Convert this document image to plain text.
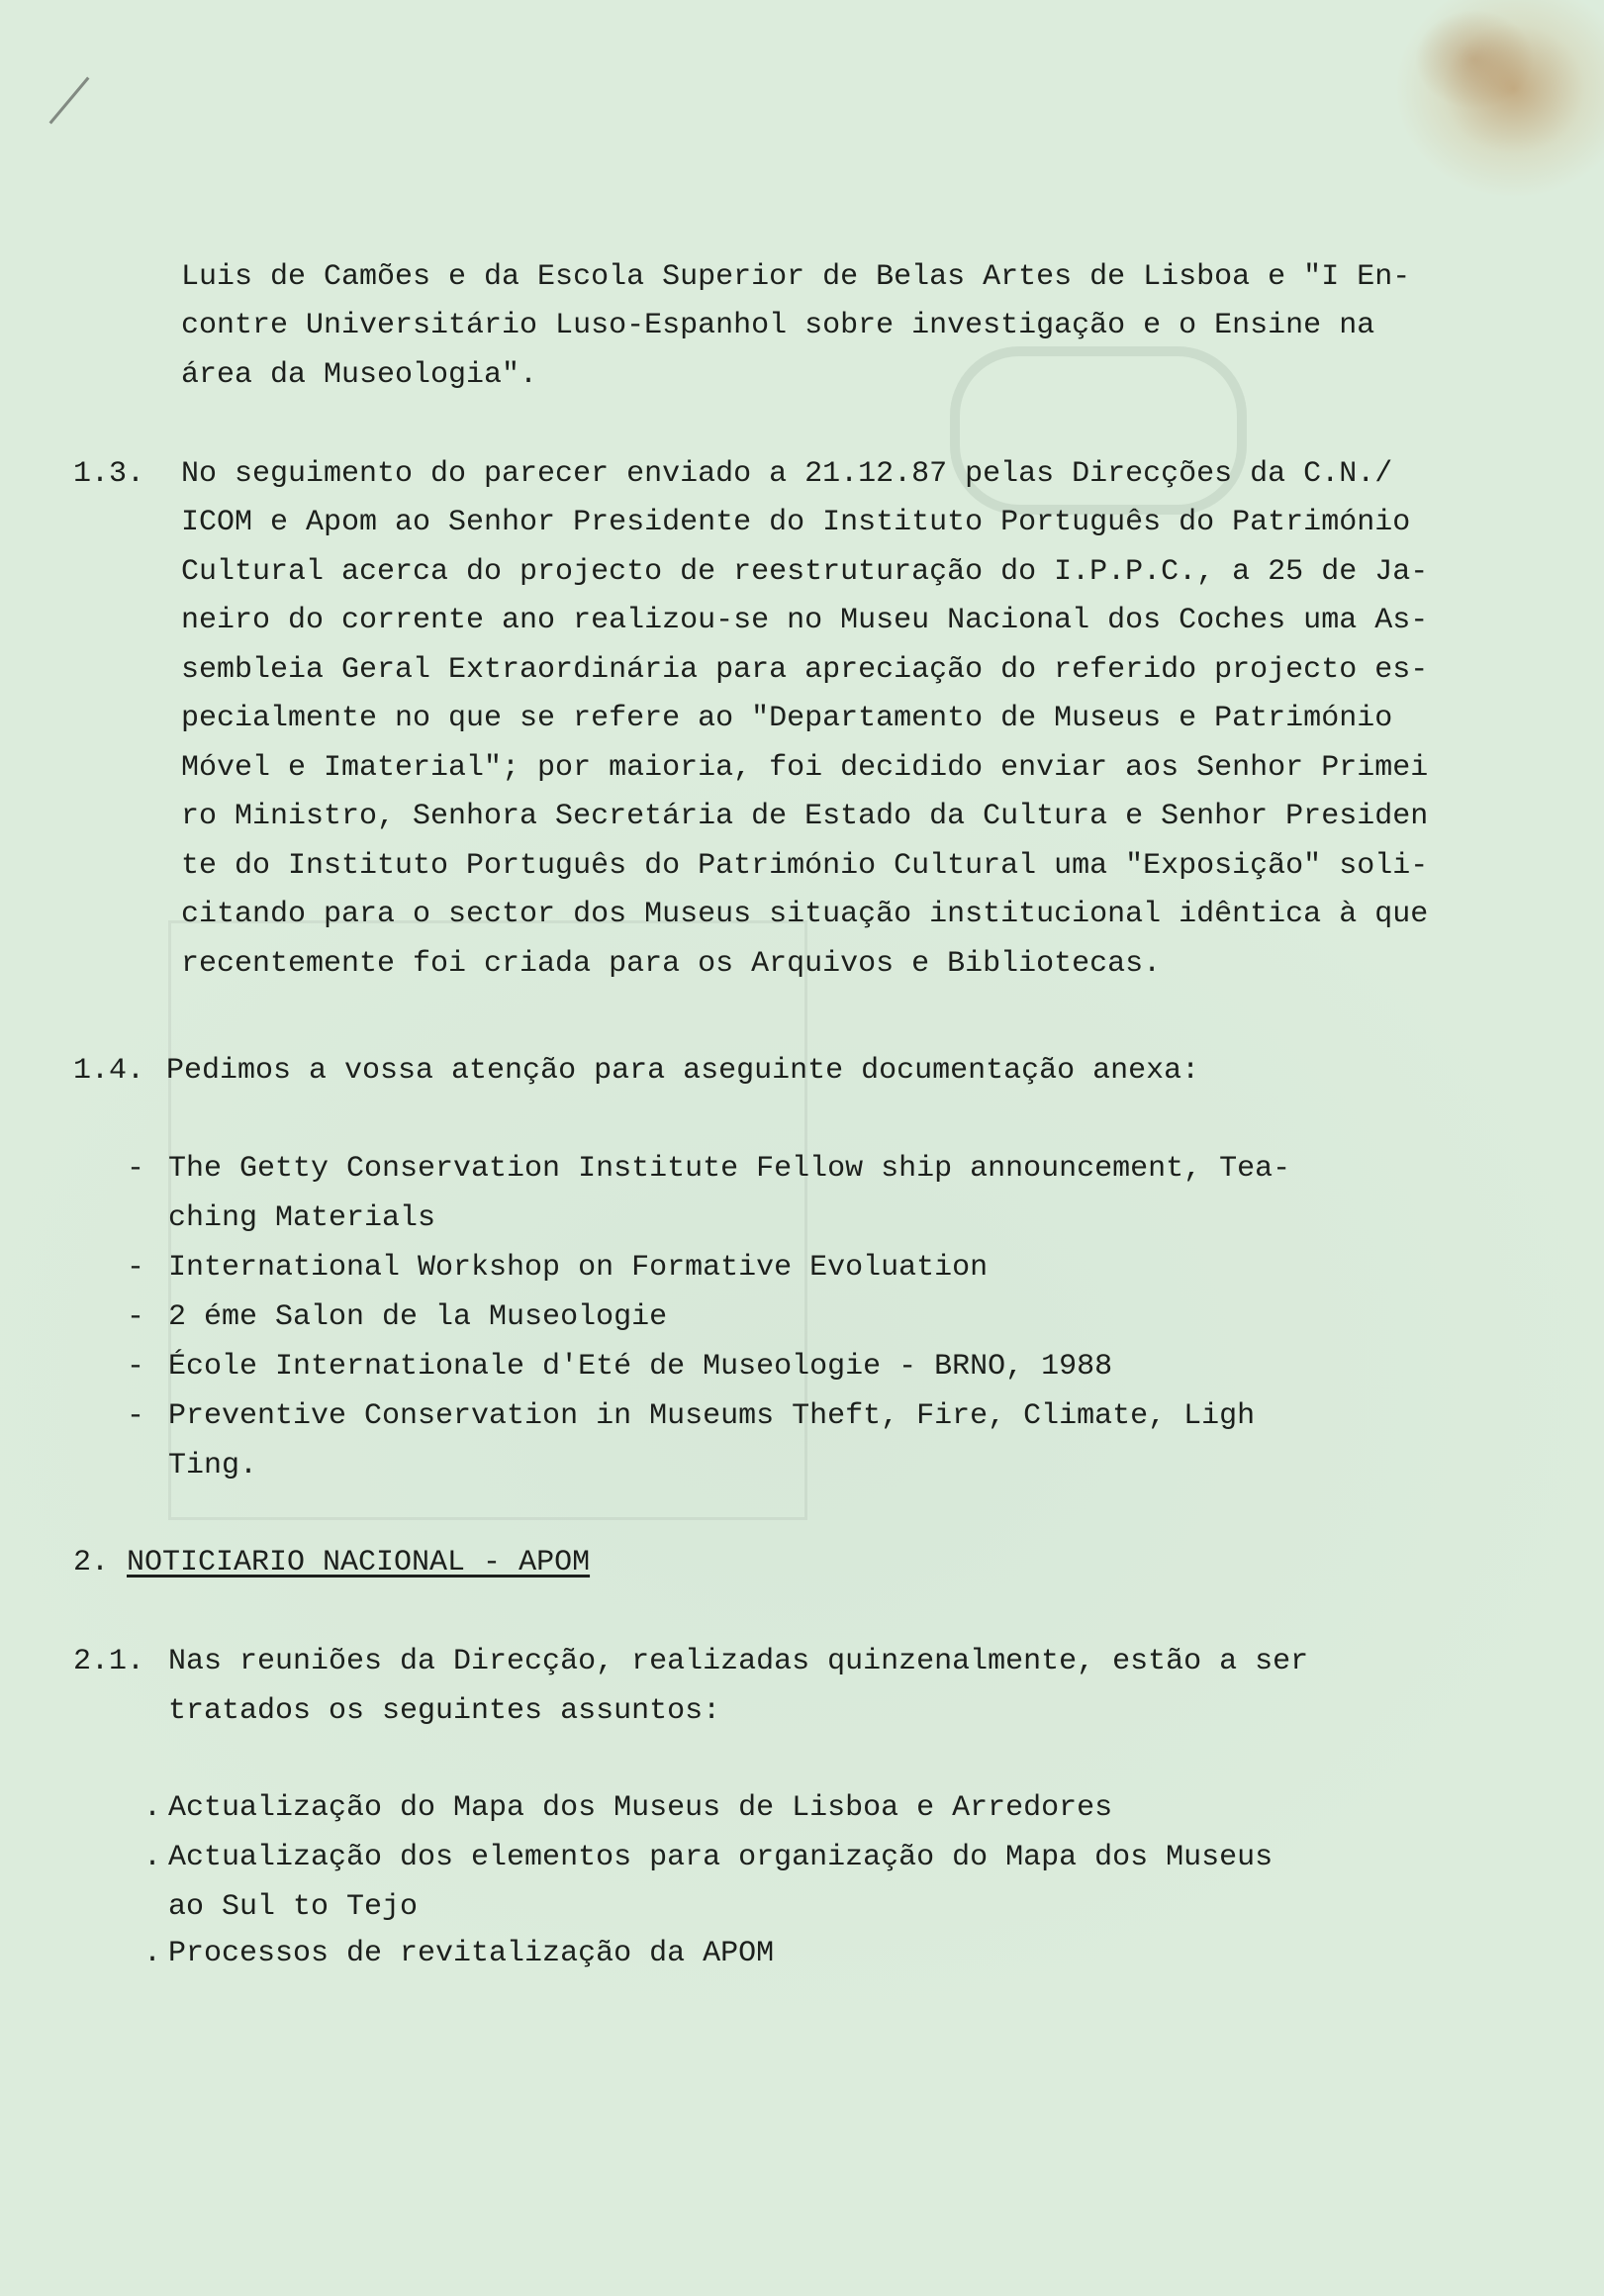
Luis de Camões e da Escola Superior de Belas Artes de Lisboa e "I En-

contre Universitário Luso-Espanhol sobre investigação e o Ensine na

área da Museologia".

1.3. No seguimento do parecer enviado a 21.12.87 pelas Direcções da C.N./

ICOM e Apom ao Senhor Presidente do Instituto Português do Património

Cultural acerca do projecto de reestruturação do I.P.P.C., a 25 de Ja-

neiro do corrente ano realizou-se no Museu Nacional dos Coches uma As-

sembleia Geral Extraordinária para apreciação do referido projecto es-

pecialmente no que se refere ao "Departamento de Museus e Património

Móvel e Imaterial"; por maioria, foi decidido enviar aos Senhor Primei

ro Ministro, Senhora Secretária de Estado da Cultura e Senhor Presiden

te do Instituto Português do Património Cultural uma "Exposição" soli-

citando para o sector dos Museus situação institucional idêntica à que

recentemente foi criada para os Arquivos e Bibliotecas.

1.4. Pedimos a vossa atenção para aseguinte documentação anexa:

- The Getty Conservation Institute Fellow ship announcement, Tea-

ching Materials

- International Workshop on Formative Evoluation

- 2 éme Salon de la Museologie

- École Internationale d'Eté de Museologie - BRNO, 1988

- Preventive Conservation in Museums Theft, Fire, Climate, Ligh

Ting.

2. NOTICIARIO NACIONAL - APOM

2.1. Nas reuniões da Direcção, realizadas quinzenalmente, estão a ser

tratados os seguintes assuntos:

. Actualização do Mapa dos Museus de Lisboa e Arredores

. Actualização dos elementos para organização do Mapa dos Museus

ao Sul to Tejo

. Processos de revitalização da APOM
